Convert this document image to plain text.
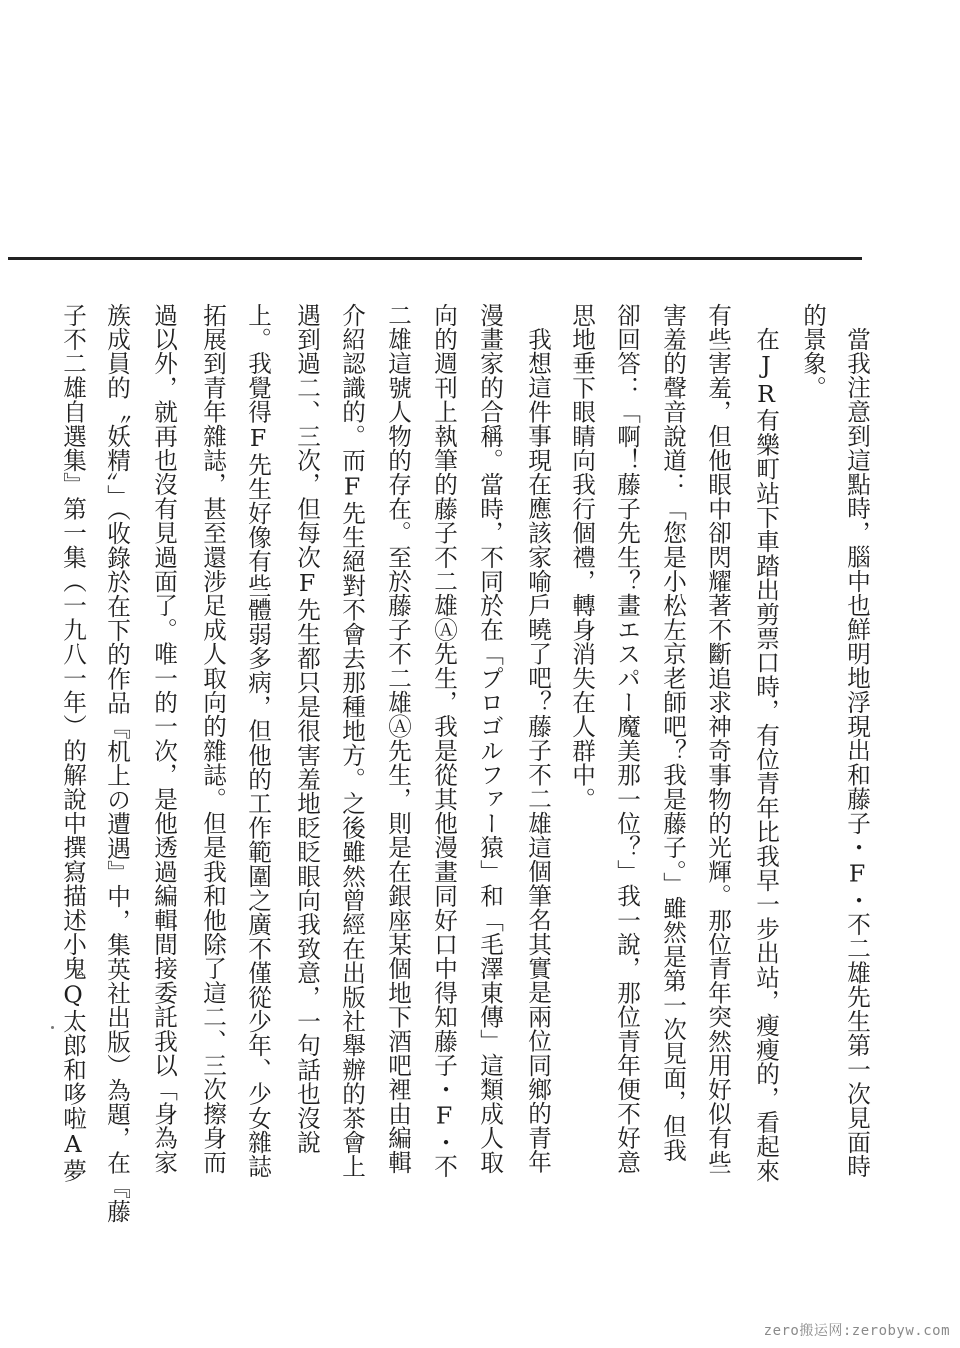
當我注意到這點時，腦中也鮮明地浮現出和藤子・F・不二雄先生第一次見面時
的景象。
在JR有樂町站下車踏出剪票口時，有位青年比我早一步出站，瘦瘦的，看起來
有些害羞，但他眼中卻閃耀著不斷追求神奇事物的光輝。那位青年突然用好似有些
害羞的聲音說道：「您是小松左京老師吧？我是藤子。」雖然是第一次見面，但我
卻回答：「啊！藤子先生？畫エスパー魔美那一位？」我一說，那位青年便不好意
思地垂下眼睛向我行個禮，轉身消失在人群中。
我想這件事現在應該家喻戶曉了吧？藤子不二雄這個筆名其實是兩位同鄉的青年
漫畫家的合稱。當時，不同於在「プロゴルファー猿」和「毛澤東傳」這類成人取
向的週刊上執筆的藤子不二雄Ⓐ先生，我是從其他漫畫同好口中得知藤子・F・不
二雄這號人物的存在。至於藤子不二雄Ⓐ先生，則是在銀座某個地下酒吧裡由編輯
介紹認識的。而F先生絕對不會去那種地方。之後雖然曾經在出版社舉辦的茶會上
遇到過二、三次，但每次F先生都只是很害羞地眨眨眼向我致意，一句話也沒說
上。我覺得F先生好像有些體弱多病，但他的工作範圍之廣不僅從少年、少女雜誌
拓展到青年雜誌，甚至還涉足成人取向的雜誌。但是我和他除了這二、三次擦身而
過以外，就再也沒有見過面了。唯一的一次，是他透過編輯間接委託我以「身為家
族成員的〝妖精〞」（收錄於在下的作品『机上の遭遇』中，集英社出版）為題，在『藤
子不二雄自選集』第一集（一九八一年）的解說中撰寫描述小鬼Q太郎和哆啦A夢
zero搬运网:zerobyw.com
